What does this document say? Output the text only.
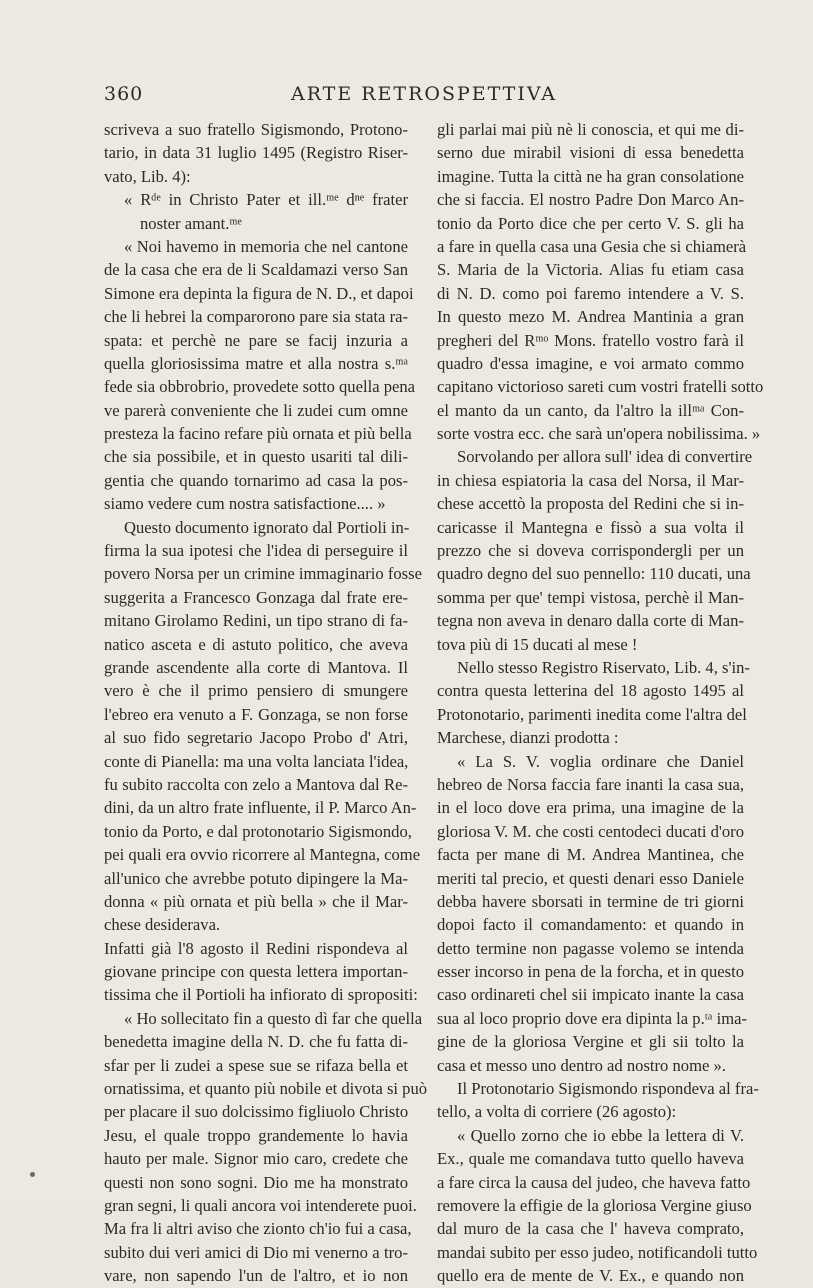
360	ARTE RETROSPETTIVA
scriveva a suo fratello Sigismondo, Protono-
tario, in data 31 luglio 1495 (Registro Riser-
vato, Lib. 4):
« Rᵈᵉ in Christo Pater et ill.ᵐᵉ dⁿᵉ frater
noster amant.ᵐᵉ
« Noi havemo in memoria che nel cantone
de la casa che era de li Scaldamazi verso San
Simone era depinta la figura de N. D., et dapoi
che li hebrei la comparorono pare sia stata ra-
spata: et perchè ne pare se facij inzuria a
quella gloriosissima matre et alla nostra s.ᵐᵃ
fede sia obbrobrio, provedete sotto quella pena
ve parerà conveniente che li zudei cum omne
presteza la facino refare più ornata et più bella
che sia possibile, et in questo usariti tal dili-
gentia che quando tornarimo ad casa la pos-
siamo vedere cum nostra satisfactione.... »
Questo documento ignorato dal Portioli in-
firma la sua ipotesi che l'idea di perseguire il
povero Norsa per un crimine immaginario fosse
suggerita a Francesco Gonzaga dal frate ere-
mitano Girolamo Redini, un tipo strano di fa-
natico asceta e di astuto politico, che aveva
grande ascendente alla corte di Mantova. Il
vero è che il primo pensiero di smungere
l'ebreo era venuto a F. Gonzaga, se non forse
al suo fido segretario Jacopo Probo d' Atri,
conte di Pianella: ma una volta lanciata l'idea,
fu subito raccolta con zelo a Mantova dal Re-
dini, da un altro frate influente, il P. Marco An-
tonio da Porto, e dal protonotario Sigismondo,
pei quali era ovvio ricorrere al Mantegna, come
all'unico che avrebbe potuto dipingere la Ma-
donna « più ornata et più bella » che il Mar-
chese desiderava.
Infatti già l'8 agosto il Redini rispondeva al
giovane principe con questa lettera importan-
tissima che il Portioli ha infiorato di spropositi:
« Ho sollecitato fin a questo dì far che quella
benedetta imagine della N. D. che fu fatta di-
sfar per li zudei a spese sue se rifaza bella et
ornatissima, et quanto più nobile et divota si può
per placare il suo dolcissimo figliuolo Christo
Jesu, el quale troppo grandemente lo havia
hauto per male. Signor mio caro, credete che
questi non sono sogni. Dio me ha monstrato
gran segni, li quali ancora voi intenderete puoi.
Ma fra li altri aviso che zionto ch'io fui a casa,
subito dui veri amici di Dio mi venerno a tro-
vare, non sapendo l'un de l'altro, et io non
gli parlai mai più nè li conoscia, et qui me di-
serno due mirabil visioni di essa benedetta
imagine. Tutta la città ne ha gran consolatione
che si faccia. El nostro Padre Don Marco An-
tonio da Porto dice che per certo V. S. gli ha
a fare in quella casa una Gesia che si chiamerà
S. Maria de la Victoria. Alias fu etiam casa
di N. D. como poi faremo intendere a V. S.
In questo mezo M. Andrea Mantinia a gran
pregheri del Rᵐᵒ Mons. fratello vostro farà il
quadro d'essa imagine, e voi armato commo
capitano victorioso sareti cum vostri fratelli sotto
el manto da un canto, da l'altro la illᵐᵃ Con-
sorte vostra ecc. che sarà un'opera nobilissima. »
Sorvolando per allora sull' idea di convertire
in chiesa espiatoria la casa del Norsa, il Mar-
chese accettò la proposta del Redini che si in-
caricasse il Mantegna e fissò a sua volta il
prezzo che si doveva corrispondergli per un
quadro degno del suo pennello: 110 ducati, una
somma per que' tempi vistosa, perchè il Man-
tegna non aveva in denaro dalla corte di Man-
tova più di 15 ducati al mese !
Nello stesso Registro Riservato, Lib. 4, s'in-
contra questa letterina del 18 agosto 1495 al
Protonotario, parimenti inedita come l'altra del
Marchese, dianzi prodotta :
« La S. V. voglia ordinare che Daniel
hebreo de Norsa faccia fare inanti la casa sua,
in el loco dove era prima, una imagine de la
gloriosa V. M. che costi centodeci ducati d'oro
facta per mane di M. Andrea Mantinea, che
meriti tal precio, et questi denari esso Daniele
debba havere sborsati in termine de tri giorni
dopoi facto il comandamento: et quando in
detto termine non pagasse volemo se intenda
esser incorso in pena de la forcha, et in questo
caso ordinareti chel sii impicato inante la casa
sua al loco proprio dove era dipinta la p.ᵗᵃ ima-
gine de la gloriosa Vergine et gli sii tolto la
casa et messo uno dentro ad nostro nome ».
Il Protonotario Sigismondo rispondeva al fra-
tello, a volta di corriere (26 agosto):
« Quello zorno che io ebbe la lettera di V.
Ex., quale me comandava tutto quello haveva
a fare circa la causa del judeo, che haveva fatto
removere la effigie de la gloriosa Vergine giuso
dal muro de la casa che l' haveva comprato,
mandai subito per esso judeo, notificandoli tutto
quello era de mente de V. Ex., e quando non
